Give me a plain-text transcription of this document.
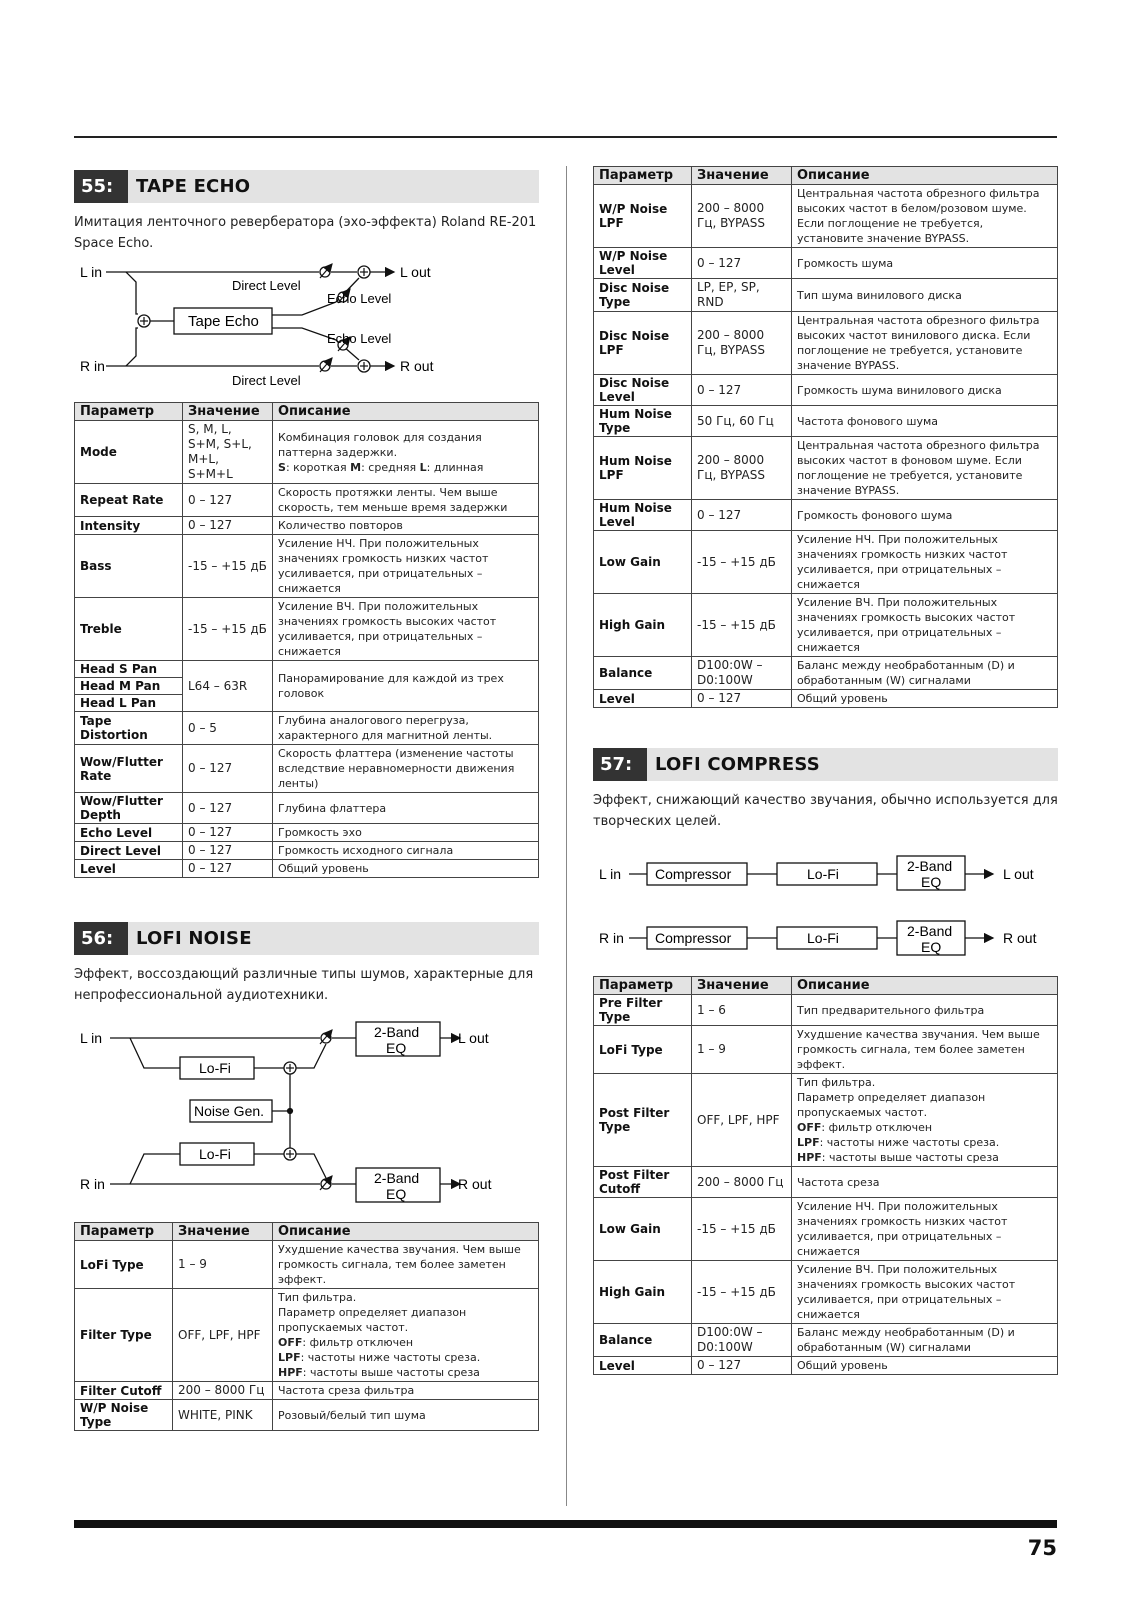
55:	TAPE ECHO

Имитация ленточного ревербератора (эхо-эффекта) Roland RE-201 Space Echo.

L in
R in
L out
R out
Direct Level
Direct Level
Echo Level
Echo Level
Tape Echo
Параметр	Значение	Описание
Mode	S, M, L, S+M, S+L, M+L, S+M+L	Комбинация головок для создания паттерна задержки.
S: короткая M: средняя L: длинная
Repeat Rate	0 – 127	Скорость протяжки ленты. Чем выше скорость, тем меньше время задержки
Intensity	0 – 127	Количество повторов
Bass	-15 – +15 дБ	Усиление НЧ. При положительных значениях громкость низких частот усиливается, при отрицательных – снижается
Treble	-15 – +15 дБ	Усиление ВЧ. При положительных значениях громкость высоких частот усиливается, при отрицательных – снижается
Head S Pan	L64 – 63R	Панорамирование для каждой из трех головок
Head M Pan		
Head L Pan		
Tape Distortion	0 – 5	Глубина аналогового перегруза, характерного для магнитной ленты.
Wow/Flutter Rate	0 – 127	Скорость флаттера (изменение частоты вследствие неравномерности движения ленты)
Wow/Flutter Depth	0 – 127	Глубина флаттера
Echo Level	0 – 127	Громкость эхо
Direct Level	0 – 127	Громкость исходного сигнала
Level	0 – 127	Общий уровень
56:	LOFI NOISE

Эффект, воссоздающий различные типы шумов, характерные для непрофессиональной аудиотехники.

L in
R in
L out
R out
Lo-Fi
Lo-Fi
Noise Gen.
2-Band
EQ
2-Band
EQ
Параметр	Значение	Описание
LoFi Type	1 – 9	Ухудшение качества звучания. Чем выше громкость сигнала, тем более заметен эффект.
Filter Type	OFF, LPF, HPF	Тип фильтра.
Параметр определяет диапазон пропускаемых частот.
OFF: фильтр отключен
LPF: частоты ниже частоты среза.
HPF: частоты выше частоты среза
Filter Cutoff	200 – 8000 Гц	Частота среза фильтра
W/P Noise Type	WHITE, PINK	Розовый/белый тип шума
Параметр	Значение	Описание
W/P Noise LPF	200 – 8000 Гц, BYPASS	Центральная частота обрезного фильтра высоких частот в белом/розовом шуме. Если поглощение не требуется, установите значение BYPASS.
W/P Noise Level	0 – 127	Громкость шума
Disc Noise Type	LP, EP, SP, RND	Тип шума винилового диска
Disc Noise LPF	200 – 8000 Гц, BYPASS	Центральная частота обрезного фильтра высоких частот винилового диска. Если поглощение не требуется, установите значение BYPASS.
Disc Noise Level	0 – 127	Громкость шума винилового диска
Hum Noise Type	50 Гц, 60 Гц	Частота фонового шума
Hum Noise LPF	200 – 8000 Гц, BYPASS	Центральная частота обрезного фильтра высоких частот в фоновом шуме. Если поглощение не требуется, установите значение BYPASS.
Hum Noise Level	0 – 127	Громкость фонового шума
Low Gain	-15 – +15 дБ	Усиление НЧ. При положительных значениях громкость низких частот усиливается, при отрицательных – снижается
High Gain	-15 – +15 дБ	Усиление ВЧ. При положительных значениях громкость высоких частот усиливается, при отрицательных – снижается
Balance	D100:0W – D0:100W	Баланс между необработанным (D) и обработанным (W) сигналами
Level	0 – 127	Общий уровень
57:	LOFI COMPRESS

Эффект, снижающий качество звучания, обычно используется для творческих целей.

L in
R in
L out
R out
Compressor
Compressor
Lo-Fi
Lo-Fi
2-Band
EQ
2-Band
EQ
Параметр	Значение	Описание
Pre Filter Type	1 – 6	Тип предварительного фильтра
LoFi Type	1 – 9	Ухудшение качества звучания. Чем выше громкость сигнала, тем более заметен эффект.
Post Filter Type	OFF, LPF, HPF	Тип фильтра.
Параметр определяет диапазон пропускаемых частот.
OFF: фильтр отключен
LPF: частоты ниже частоты среза.
HPF: частоты выше частоты среза
Post Filter Cutoff	200 – 8000 Гц	Частота среза
Low Gain	-15 – +15 дБ	Усиление НЧ. При положительных значениях громкость низких частот усиливается, при отрицательных – снижается
High Gain	-15 – +15 дБ	Усиление ВЧ. При положительных значениях громкость высоких частот усиливается, при отрицательных – снижается
Balance	D100:0W – D0:100W	Баланс между необработанным (D) и обработанным (W) сигналами
Level	0 – 127	Общий уровень
75
